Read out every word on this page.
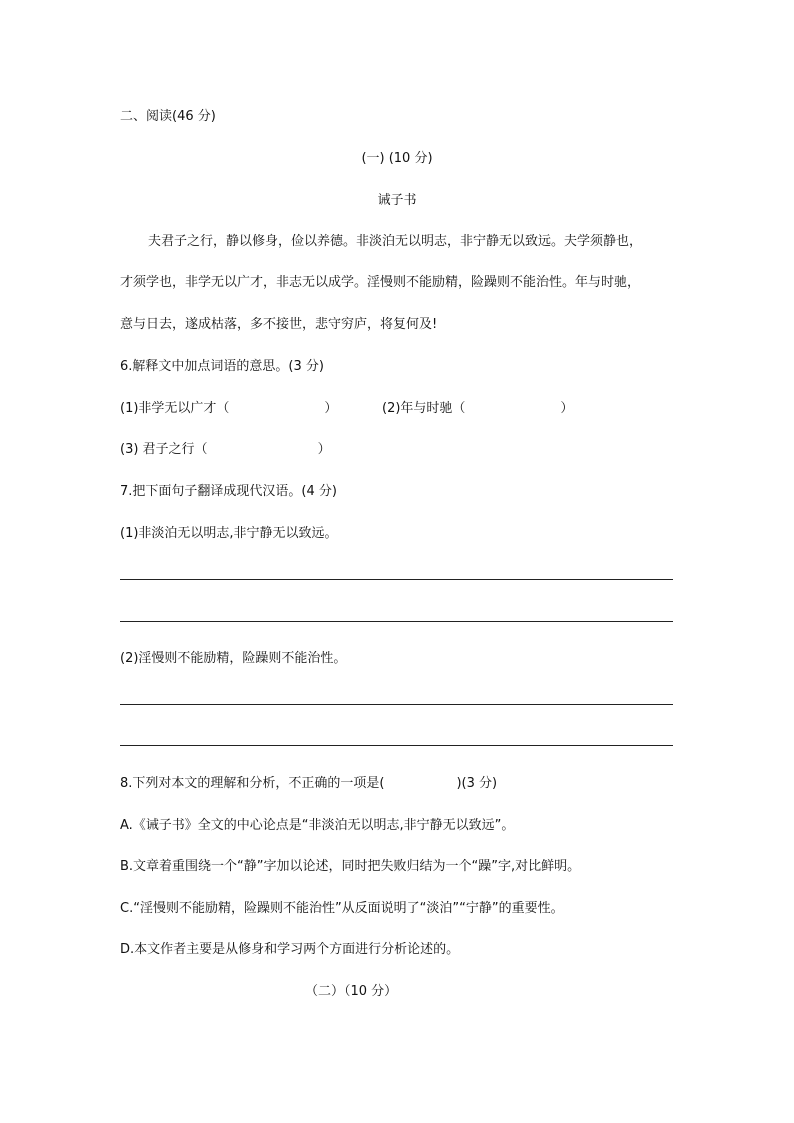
二、阅读(46 分)
(一) (10 分)
诫子书
夫君子之行，静以修身，俭以养德。非淡泊无以明志，非宁静无以致远。夫学须静也，
才须学也，非学无以广才，非志无以成学。淫慢则不能励精，险躁则不能治性。年与时驰，
意与日去，遂成枯落，多不接世，悲守穷庐，将复何及!
6.解释文中加点词语的意思。(3 分)
(1)非学无以广才（	）	(2)年与时驰（	）
(3) 君子之行（	）
7.把下面句子翻译成现代汉语。(4 分)
(1)非淡泊无以明志,非宁静无以致远。
(2)淫慢则不能励精，险躁则不能治性。
8.下列对本文的理解和分析，不正确的一项是(	)(3 分)
A.《诫子书》全文的中心论点是“非淡泊无以明志,非宁静无以致远”。
B.文章着重围绕一个“静”字加以论述，同时把失败归结为一个“躁”字,对比鲜明。
C.“淫慢则不能励精，险躁则不能治性”从反面说明了“淡泊”“宁静”的重要性。
D.本文作者主要是从修身和学习两个方面进行分析论述的。
（二）（10 分）
